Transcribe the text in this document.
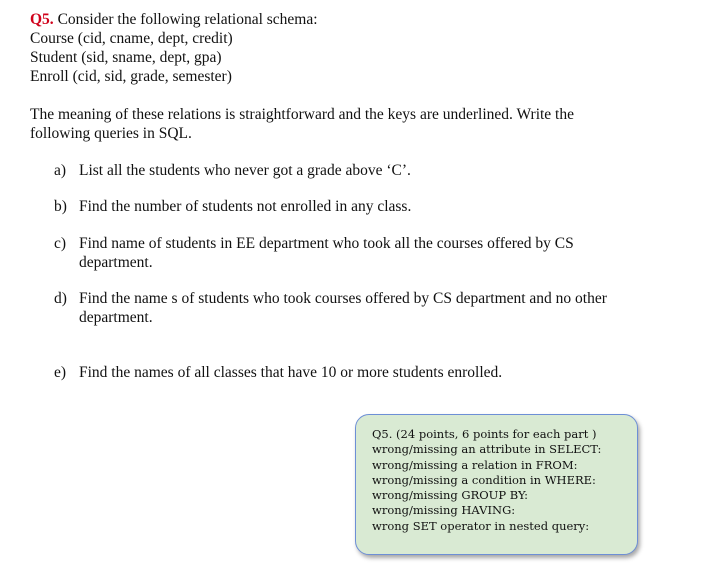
Q5. Consider the following relational schema:
Course (cid, cname, dept, credit)
Student (sid, sname, dept, gpa)
Enroll (cid, sid, grade, semester)
The meaning of these relations is straightforward and the keys are underlined. Write the following queries in SQL.
a) List all the students who never got a grade above ‘C’.
b) Find the number of students not enrolled in any class.
c) Find name of students in EE department who took all the courses offered by CS department.
d) Find the name s of students who took courses offered by CS department and no other department.
e) Find the names of all classes that have 10 or more students enrolled.
Q5. (24 points, 6 points for each part )
wrong/missing an attribute in SELECT:
wrong/missing a relation in FROM:
wrong/missing a condition in WHERE:
wrong/missing GROUP BY:
wrong/missing HAVING:
wrong SET operator in nested query:
